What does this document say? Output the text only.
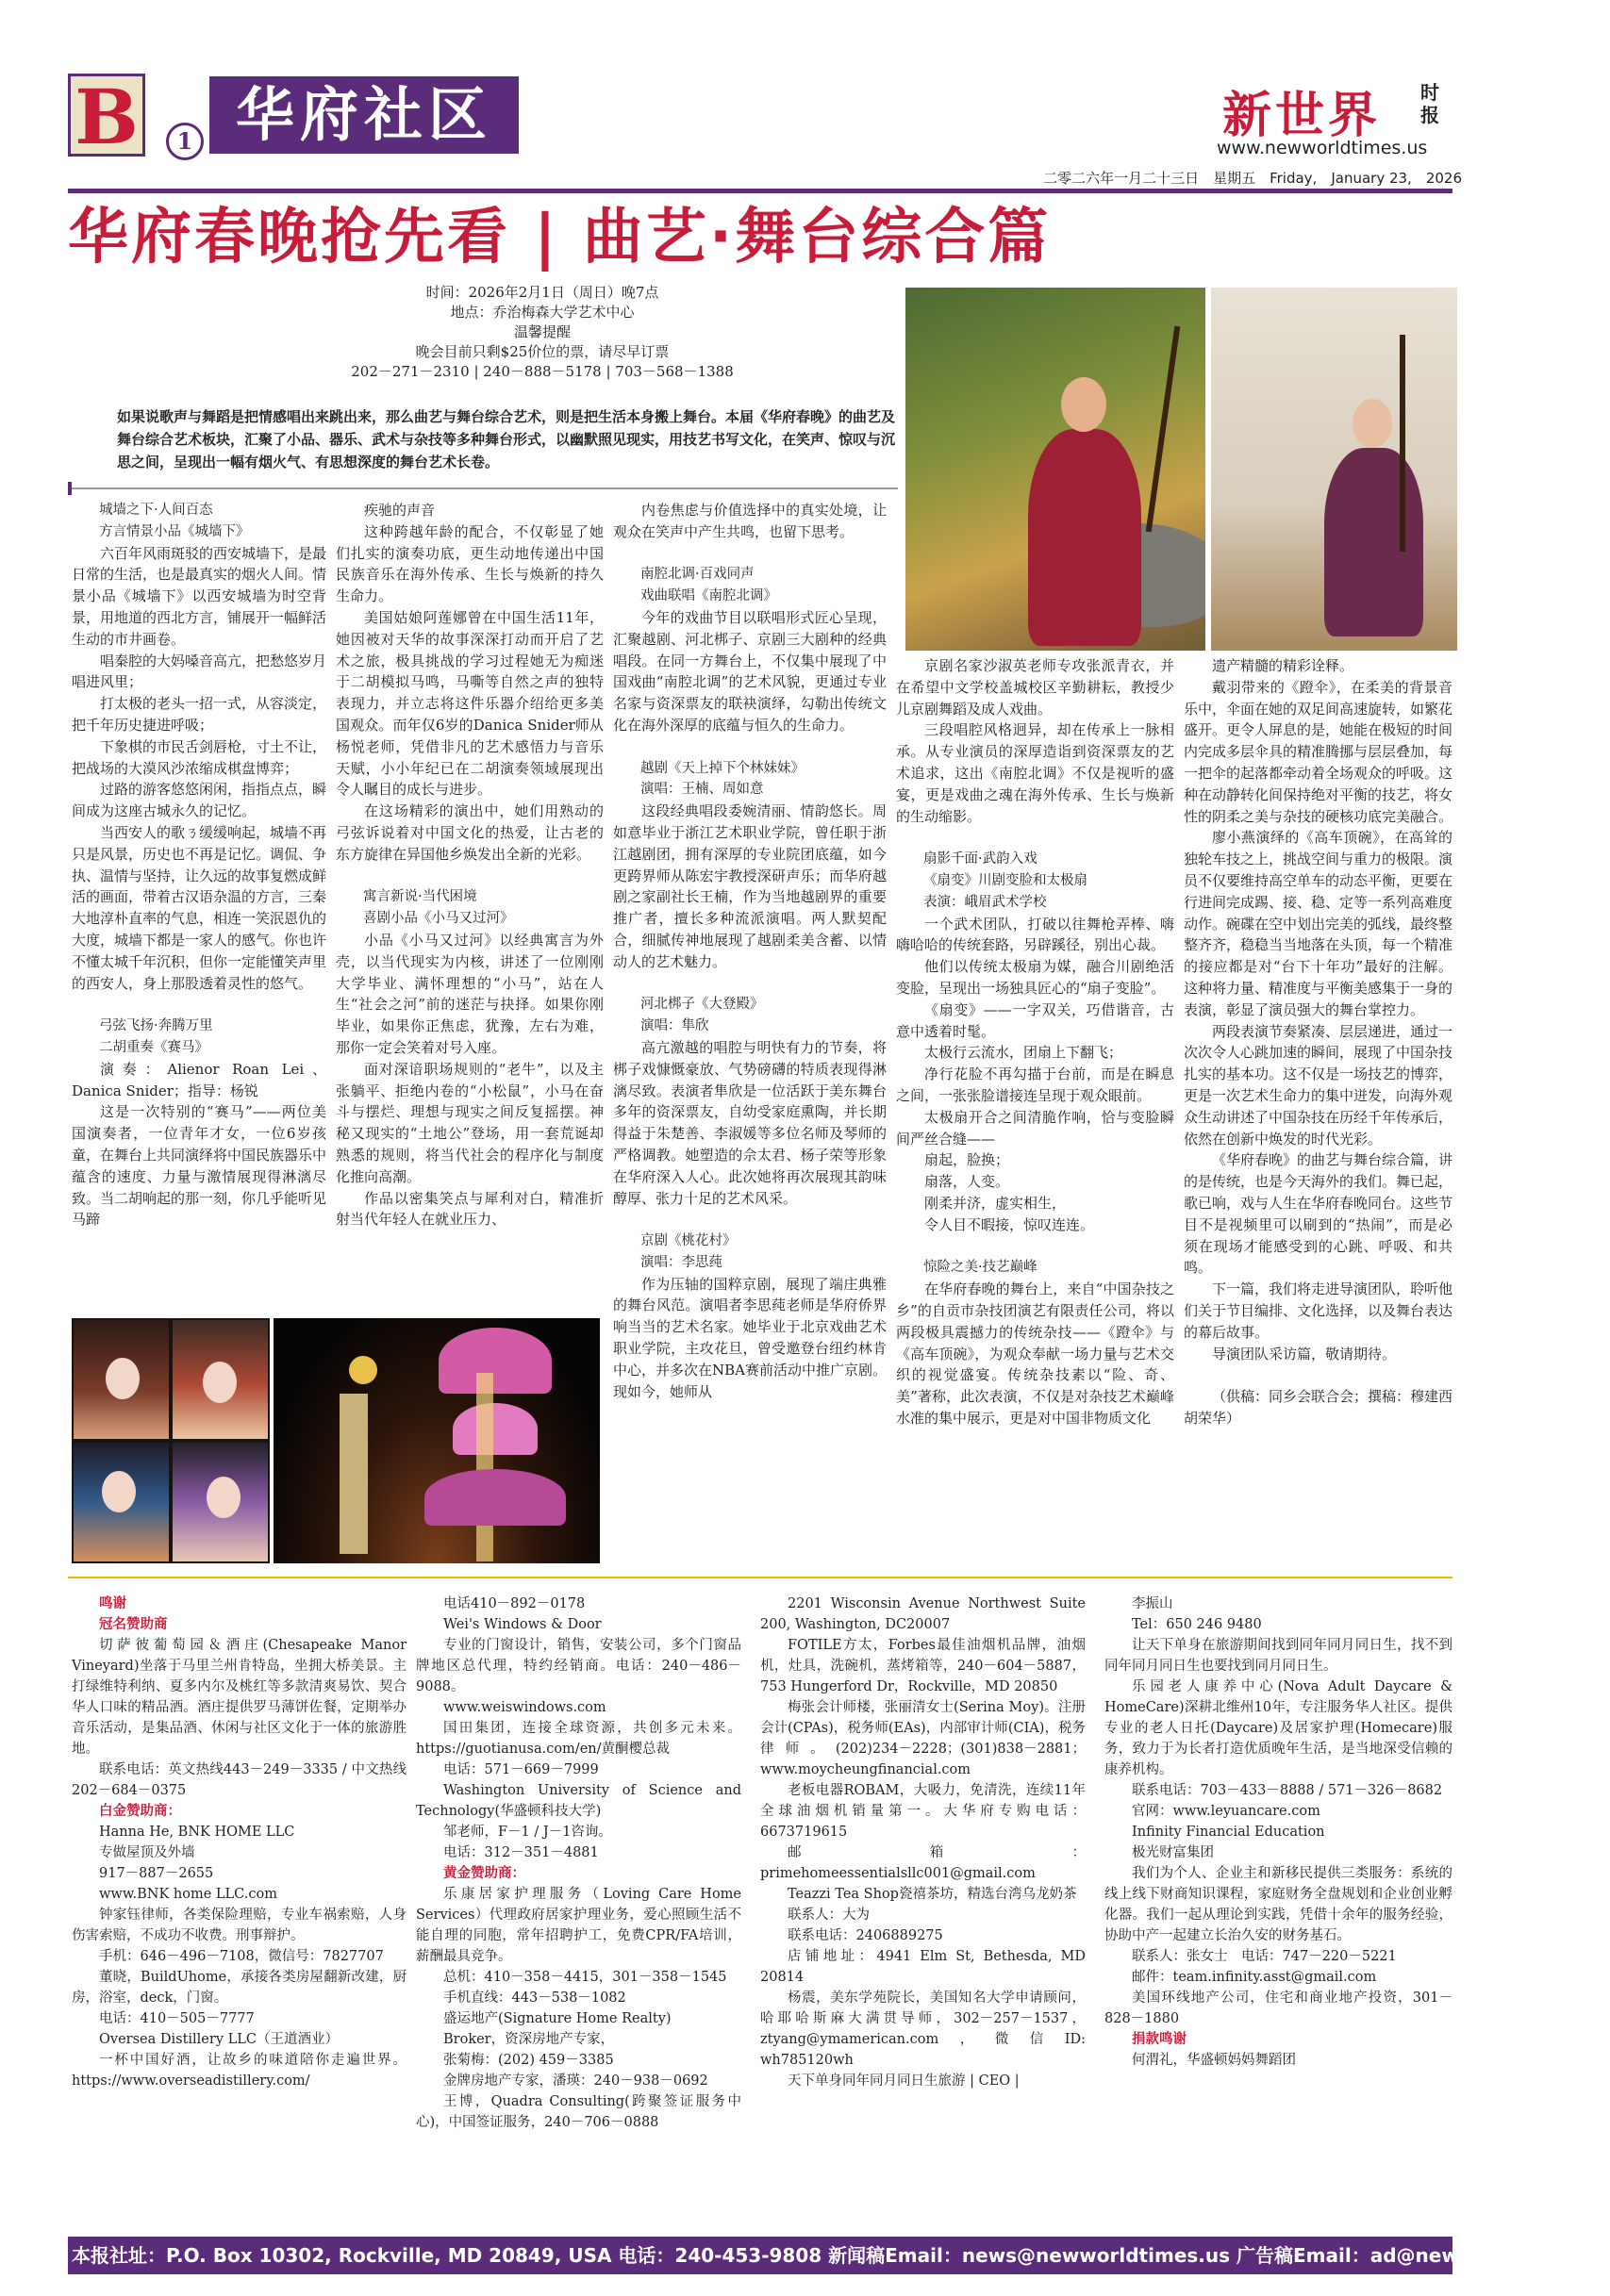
B	1 华府社区	新世界 时报
www.newworldtimes.us
二零二六年一月二十三日　星期五　Friday,　January 23,　2026
华府春晚抢先看 | 曲艺·舞台综合篇
时间：2026年2月1日（周日）晚7点
地点：乔治梅森大学艺术中心
温馨提醒
晚会目前只剩$25价位的票，请尽早订票
202－271－2310 | 240－888－5178 | 703－568－1388
如果说歌声与舞蹈是把情感唱出来跳出来，那么曲艺与舞台综合艺术，则是把生活本身搬上舞台。本届《华府春晚》的曲艺及舞台综合艺术板块，汇聚了小品、器乐、武术与杂技等多种舞台形式，以幽默照见现实，用技艺书写文化，在笑声、惊叹与沉思之间，呈现出一幅有烟火气、有思想深度的舞台艺术长卷。
城墙之下·人间百态
方言情景小品《城墙下》
六百年风雨斑驳的西安城墙下，是最日常的生活，也是最真实的烟火人间。情景小品《城墙下》以西安城墙为时空背景，用地道的西北方言，铺展开一幅鲜活生动的市井画卷。
唱秦腔的大妈嗓音高亢，把愁悠岁月唱进风里；
打太极的老头一招一式，从容淡定，把千年历史捷进呼吸；
下象棋的市民舌剑唇枪，寸土不让，把战场的大漠风沙浓缩成棋盘博弈；
过路的游客悠悠闲闲，指指点点，瞬间成为这座古城永久的记忆。
当西安人的歌ㄋ缓缓响起，城墙不再只是风景，历史也不再是记忆。调侃、争执、温情与坚持，让久远的故事复燃成鲜活的画面，带着古汉语杂温的方言，三秦大地淳朴直率的气息，相连一笑泯恩仇的大度，城墙下都是一家人的感气。你也许不懂太城千年沉积，但你一定能懂笑声里的西安人，身上那股透着灵性的悠气。
弓弦飞扬·奔腾万里
二胡重奏《赛马》
演奏：Alienor Roan Lei、Danica Snider；指导：杨锐
这是一次特别的“赛马”——两位美国演奏者，一位青年才女，一位6岁孩童，在舞台上共同演绎将中国民族器乐中蕴含的速度、力量与激情展现得淋漓尽致。当二胡响起的那一刻，你几乎能听见马蹄
疾驰的声音
这种跨越年龄的配合，不仅彰显了她们扎实的演奏功底，更生动地传递出中国民族音乐在海外传承、生长与焕新的持久生命力。
美国姑娘阿莲娜曾在中国生活11年，她因被对天华的故事深深打动而开启了艺术之旅，极具挑战的学习过程她无为痴迷于二胡模拟马鸣，马嘶等自然之声的独特表现力，并立志将这件乐器介绍给更多美国观众。而年仅6岁的Danica Snider师从杨悦老师，凭借非凡的艺术感悟力与音乐天赋，小小年纪已在二胡演奏领域展现出令人瞩目的成长与进步。
在这场精彩的演出中，她们用熟动的弓弦诉说着对中国文化的热爱，让古老的东方旋律在异国他乡焕发出全新的光彩。
寓言新说·当代困境
喜剧小品《小马又过河》
小品《小马又过河》以经典寓言为外壳，以当代现实为内核，讲述了一位刚刚大学毕业、满怀理想的“小马”，站在人生“社会之河”前的迷茫与抉择。如果你刚毕业，如果你正焦虑，犹豫，左右为难，那你一定会笑着对号入座。
面对深谙职场规则的“老牛”，以及主张躺平、拒绝内卷的“小松鼠”，小马在奋斗与摆烂、理想与现实之间反复摇摆。神秘又现实的“土地公”登场，用一套荒诞却熟悉的规则，将当代社会的程序化与制度化推向高潮。
作品以密集笑点与犀利对白，精准折射当代年轻人在就业压力、
内卷焦虑与价值选择中的真实处境，让观众在笑声中产生共鸣，也留下思考。
南腔北调·百戏同声
戏曲联唱《南腔北调》
今年的戏曲节目以联唱形式匠心呈现，汇聚越剧、河北梆子、京剧三大剧种的经典唱段。在同一方舞台上，不仅集中展现了中国戏曲“南腔北调”的艺术风貌，更通过专业名家与资深票友的联袂演绎，勾勒出传统文化在海外深厚的底蕴与恒久的生命力。
越剧《天上掉下个林妹妹》
演唱：王楠、周如意
这段经典唱段委婉清丽、情韵悠长。周如意毕业于浙江艺术职业学院，曾任职于浙江越剧团，拥有深厚的专业院团底蕴，如今更跨界师从陈宏宇教授深研声乐；而华府越剧之家副社长王楠，作为当地越剧界的重要推广者，擅长多种流派演唱。两人默契配合，细腻传神地展现了越剧柔美含蓄、以情动人的艺术魅力。
河北梆子《大登殿》
演唱：隼欣
高亢激越的唱腔与明快有力的节奏，将梆子戏慷慨豪放、气势磅礴的特质表现得淋漓尽致。表演者隼欣是一位活跃于美东舞台多年的资深票友，自幼受家庭熏陶，并长期得益于朱楚善、李淑媛等多位名师及琴师的严格调教。她塑造的佘太君、杨子荣等形象在华府深入人心。此次她将再次展现其韵味醇厚、张力十足的艺术风采。
京剧《桃花村》
演唱：李思莼
作为压轴的国粹京剧，展现了端庄典雅的舞台风范。演唱者李思莼老师是华府侨界响当当的艺术名家。她毕业于北京戏曲艺术职业学院，主攻花旦，曾受邀登台纽约林肯中心，并多次在NBA赛前活动中推广京剧。现如今，她师从
京剧名家沙淑英老师专攻张派青衣，并在希望中文学校盖城校区辛勤耕耘，教授少儿京剧舞蹈及成人戏曲。
三段唱腔风格迥异，却在传承上一脉相承。从专业演员的深厚造诣到资深票友的艺术追求，这出《南腔北调》不仅是视听的盛宴，更是戏曲之魂在海外传承、生长与焕新的生动缩影。
扇影千面·武韵入戏
《扇变》川剧变脸和太极扇
表演：峨眉武术学校
一个武术团队，打破以往舞枪弄棒、嗨嗨哈哈的传统套路，另辟蹊径，别出心裁。
他们以传统太极扇为媒，融合川剧绝活变脸，呈现出一场独具匠心的“扇子变脸”。
《扇变》——一字双关，巧借谐音，古意中透着时髦。
太极行云流水，团扇上下翻飞；
净行花脸不再勾描于台前，而是在瞬息之间，一张张脸谱接连呈现于观众眼前。
太极扇开合之间清脆作响，恰与变脸瞬间严丝合缝——
扇起，脸换；
扇落，人变。
刚柔并济，虚实相生，
令人目不暇接，惊叹连连。
惊险之美·技艺巅峰
在华府春晚的舞台上，来自“中国杂技之乡”的自贡市杂技团演艺有限责任公司，将以两段极具震撼力的传统杂技——《蹬伞》与《高车顶碗》，为观众奉献一场力量与艺术交织的视觉盛宴。传统杂技素以“险、奇、美”著称，此次表演，不仅是对杂技艺术巅峰水准的集中展示，更是对中国非物质文化
遗产精髓的精彩诠释。
戴羽带来的《蹬伞》，在柔美的背景音乐中，伞面在她的双足间高速旋转，如繁花盛开。更令人屏息的是，她能在极短的时间内完成多层伞具的精准腾挪与层层叠加，每一把伞的起落都牵动着全场观众的呼吸。这种在动静转化间保持绝对平衡的技艺，将女性的阴柔之美与杂技的硬核功底完美融合。
廖小燕演绎的《高车顶碗》，在高耸的独轮车技之上，挑战空间与重力的极限。演员不仅要维持高空单车的动态平衡，更要在行进间完成踢、接、稳、定等一系列高难度动作。碗碟在空中划出完美的弧线，最终整整齐齐，稳稳当当地落在头顶，每一个精准的接应都是对“台下十年功”最好的注解。这种将力量、精准度与平衡美感集于一身的表演，彰显了演员强大的舞台掌控力。
两段表演节奏紧凑、层层递进，通过一次次令人心跳加速的瞬间，展现了中国杂技扎实的基本功。这不仅是一场技艺的博弈，更是一次艺术生命力的集中迸发，向海外观众生动讲述了中国杂技在历经千年传承后，依然在创新中焕发的时代光彩。
《华府春晚》的曲艺与舞台综合篇，讲的是传统，也是今天海外的我们。舞已起，歌已响，戏与人生在华府春晚同台。这些节目不是视频里可以刷到的“热闹”，而是必须在现场才能感受到的心跳、呼吸、和共鸣。
下一篇，我们将走进导演团队，聆听他们关于节目编排、文化选择，以及舞台表达的幕后故事。
导演团队采访篇，敬请期待。
（供稿：同乡会联合会；撰稿：穆建西 胡荣华）
鸣谢
冠名赞助商
切萨彼葡萄园＆酒庄(Chesapeake Manor Vineyard)坐落于马里兰州肯特岛，坐拥大桥美景。主打绿维特利纳、夏多内尔及桃红等多款清爽易饮、契合华人口味的精品酒。酒庄提供罗马薄饼佐餐，定期举办音乐活动，是集品酒、休闲与社区文化于一体的旅游胜地。
联系电话：英文热线443－249－3335 / 中文热线 202－684－0375
白金赞助商：
Hanna He, BNK HOME LLC
专做屋顶及外墙
917－887－2655
www.BNK home LLC.com
钟家钰律师，各类保险理赔，专业车祸索赔，人身伤害索赔，不成功不收费。刑事辩护。
手机：646－496－7108，微信号：7827707
董晓，BuildUhome，承接各类房屋翻新改建，厨房，浴室，deck，门窗。
电话：410－505－7777
Oversea Distillery LLC（王道酒业）
一杯中国好酒，让故乡的味道陪你走遍世界。https://www.overseadistillery.com/
电话410－892－0178
Wei's Windows & Door
专业的门窗设计，销售，安装公司，多个门窗品牌地区总代理，特约经销商。电话：240－486－9088。
www.weiswindows.com
国田集团，连接全球资源，共创多元未来。https://guotianusa.com/en/黄酮樱总裁
电话：571－669－7999
Washington University of Science and Technology(华盛顿科技大学)
邹老师，F－1 / J－1咨询。
电话：312－351－4881
黄金赞助商：
乐康居家护理服务（Loving Care Home Services）代理政府居家护理业务，爱心照顾生活不能自理的同胞，常年招聘护工，免费CPR/FA培训，薪酬最具竞争。
总机：410－358－4415，301－358－1545
手机直线：443－538－1082
盛运地产(Signature Home Realty)
Broker，资深房地产专家，
张菊梅：(202) 459－3385
金牌房地产专家，潘瑛：240－938－0692
王博，Quadra Consulting(跨聚签证服务中心)，中国签证服务，240－706－0888
2201 Wisconsin Avenue Northwest Suite 200, Washington, DC20007
FOTILE方太，Forbes最佳油烟机品牌，油烟机，灶具，洗碗机，蒸烤箱等，240－604－5887，753 Hungerford Dr，Rockville，MD 20850
梅张会计师楼，张丽清女士(Serina Moy)。注册会计(CPAs)，税务师(EAs)，内部审计师(CIA)，税务律师。(202)234－2228；(301)838－2881；www.moycheungfinancial.com
老板电器ROBAM，大吸力，免清洗，连续11年全球油烟机销量第一。大华府专购电话：6673719615
邮箱：primehomeessentialsllc001@gmail.com
Teazzi Tea Shop瓷禧茶坊，精选台湾乌龙奶茶
联系人：大为
联系电话：2406889275
店铺地址：4941 Elm St, Bethesda, MD 20814
杨震，美东学苑院长，美国知名大学申请顾问，哈耶哈斯麻大满贯导师，302－257－1537，ztyang@ymamerican.com，微信ID: wh785120wh
天下单身同年同月同日生旅游 | CEO |
李振山
Tel：650 246 9480
让天下单身在旅游期间找到同年同月同日生，找不到同年同月同日生也要找到同月同日生。
乐园老人康养中心(Nova Adult Daycare & HomeCare)深耕北维州10年，专注服务华人社区。提供专业的老人日托(Daycare)及居家护理(Homecare)服务，致力于为长者打造优质晚年生活，是当地深受信赖的康养机构。
联系电话：703－433－8888 / 571－326－8682
官网：www.leyuancare.com
Infinity Financial Education
极光财富集团
我们为个人、企业主和新移民提供三类服务：系统的线上线下财商知识课程，家庭财务全盘规划和企业创业孵化器。我们一起从理论到实践，凭借十余年的服务经验，协助中产一起建立长治久安的财务基石。
联系人：张女士　电话：747－220－5221
邮件：team.infinity.asst@gmail.com
美国环线地产公司，住宅和商业地产投资，301－828－1880
捐款鸣谢
何渭礼，华盛顿妈妈舞蹈团
本报社址：P.O. Box 10302, Rockville, MD 20849, USA 电话：240-453-9808 新闻稿Email：news@newworldtimes.us 广告稿Email：ad@newworldtimes.us
